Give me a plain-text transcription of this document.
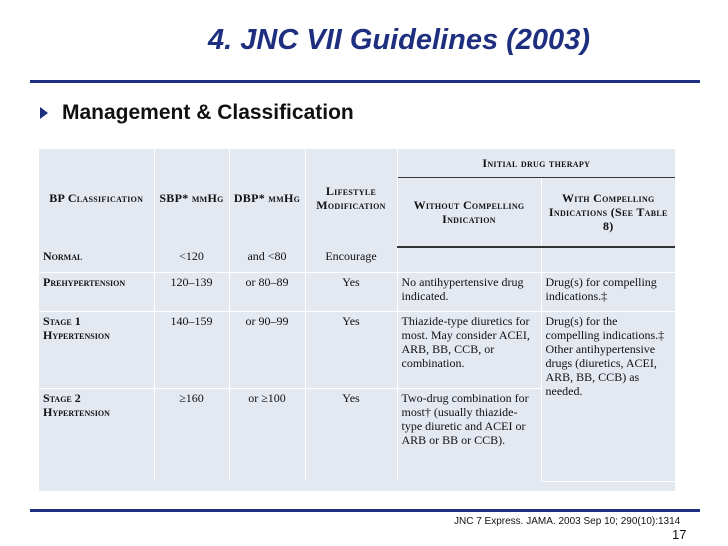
4. JNC VII Guidelines (2003)
Management & Classification
BP Classification	SBP* mmHg	DBP* mmHg	Lifestyle Modification	Initial drug therapy	
				Without Compelling Indication	With Compelling Indications (See Table 8)
Normal	<120	and <80	Encourage		
Prehypertension	120–139	or 80–89	Yes	No antihypertensive drug indicated.	Drug(s) for compelling indications.‡
Stage 1 Hypertension	140–159	or 90–99	Yes	Thiazide-type diuretics for most. May consider ACEI, ARB, BB, CCB, or combination.	Drug(s) for the compelling indications.‡ Other antihypertensive drugs (diuretics, ACEI, ARB, BB, CCB) as needed.
Stage 2 Hypertension	≥160	or ≥100	Yes	Two-drug combination for most† (usually thiazide-type diuretic and ACEI or ARB or BB or CCB).	
JNC 7 Express. JAMA. 2003 Sep 10; 290(10):1314
17
